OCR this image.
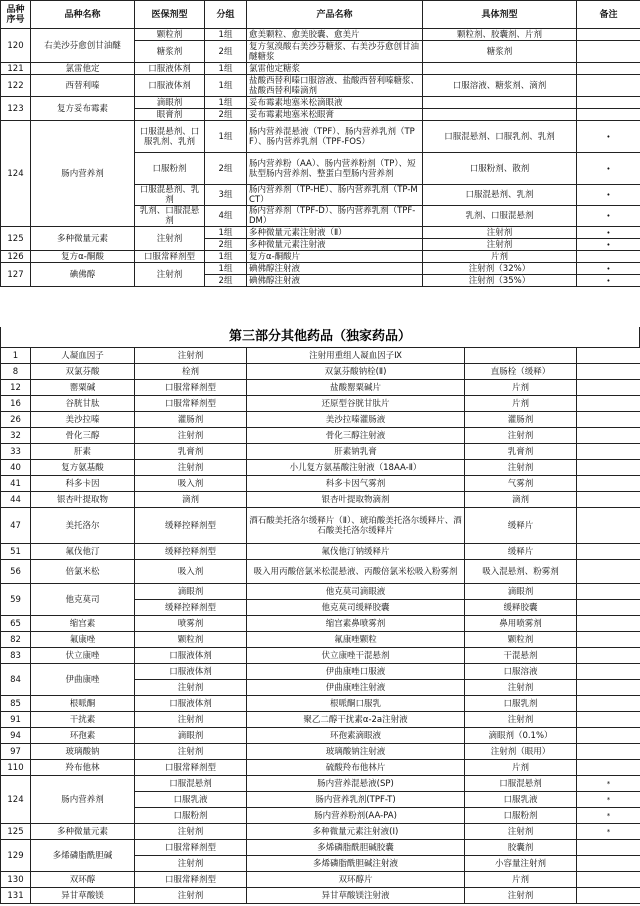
品种序号	品种名称	医保剂型	分组	产品名称	具体剂型	备注
120	右美沙芬愈创甘油醚	颗粒剂	1组	愈美颗粒、愈美胶囊、愈美片	颗粒剂、胶囊剂、片剂	
		糖浆剂	2组	复方氢溴酸右美沙芬糖浆、右美沙芬愈创甘油醚糖浆	糖浆剂	
121	氯雷他定	口服液体剂	1组	氯雷他定糖浆		
122	西替利嗪	口服液体剂	1组	盐酸西替利嗪口服溶液、盐酸西替利嗪糖浆、盐酸西替利嗪滴剂	口服溶液、糖浆剂、滴剂	
123	复方妥布霉素	滴眼剂	1组	妥布霉素地塞米松滴眼液		
		眼膏剂	2组	妥布霉素地塞米松眼膏		
124	肠内营养剂	口服混悬剂、口服乳剂、乳剂	1组	肠内营养混悬液（TPF）、肠内营养乳剂（TPF）、肠内营养乳剂（TPF-FOS）	口服混悬剂、口服乳剂、乳剂	•
		口服粉剂	2组	肠内营养粉（AA）、肠内营养粉剂（TP）、短肽型肠内营养剂、整蛋白型肠内营养剂	口服粉剂、散剂	•
		口服混悬剂、乳剂	3组	肠内营养剂（TP-HE）、肠内营养乳剂（TP-MCT）	口服混悬剂、乳剂	•
		乳剂、口服混悬剂	4组	肠内营养剂（TPF-D）、肠内营养乳剂（TPF-DM）	乳剂、口服混悬剂	•
125	多种微量元素	注射剂	1组	多种微量元素注射液（Ⅱ）	注射剂	•
			2组	多种微量元素注射液	注射剂	•
126	复方α-酮酸	口服常释剂型	1组	复方α-酮酸片	片剂	
127	碘佛醇	注射剂	1组	碘佛醇注射液	注射剂（32%）	•
			2组	碘佛醇注射液	注射剂（35%）	•
第三部分其他药品（独家药品）
1	人凝血因子	注射剂	注射用重组人凝血因子Ⅸ		
8	双氯芬酸	栓剂	双氯芬酸钠栓(Ⅱ)	直肠栓（缓释）	
12	罂粟碱	口服常释剂型	盐酸罂粟碱片	片剂	
16	谷胱甘肽	口服常释剂型	还原型谷胱甘肽片	片剂	
26	美沙拉嗪	灌肠剂	美沙拉嗪灌肠液	灌肠剂	
32	骨化三醇	注射剂	骨化三醇注射液	注射剂	
33	肝素	乳膏剂	肝素钠乳膏	乳膏剂	
40	复方氨基酸	注射剂	小儿复方氨基酸注射液（18AA-Ⅱ）	注射剂	
41	科多卡因	吸入剂	科多卡因气雾剂	气雾剂	
44	银杏叶提取物	滴剂	银杏叶提取物滴剂	滴剂	
47	美托洛尔	缓释控释剂型	酒石酸美托洛尔缓释片（Ⅱ）、琥珀酸美托洛尔缓释片、酒石酸美托洛尔缓释片	缓释片	
51	氟伐他汀	缓释控释剂型	氟伐他汀钠缓释片	缓释片	
56	倍氯米松	吸入剂	吸入用丙酸倍氯米松混悬液、丙酸倍氯米松吸入粉雾剂	吸入混悬剂、粉雾剂	
59	他克莫司	滴眼剂	他克莫司滴眼液	滴眼剂	
		缓释控释剂型	他克莫司缓释胶囊	缓释胶囊	
65	缩宫素	喷雾剂	缩宫素鼻喷雾剂	鼻用喷雾剂	
82	氟康唑	颗粒剂	氟康唑颗粒	颗粒剂	
83	伏立康唑	口服液体剂	伏立康唑干混悬剂	干混悬剂	
84	伊曲康唑	口服液体剂	伊曲康唑口服液	口服溶液	
		注射剂	伊曲康唑注射液	注射剂	
85	根哌酮	口服液体剂	根哌酮口服乳	口服乳剂	
91	干扰素	注射剂	聚乙二醇干扰素α-2a注射液	注射剂	
94	环孢素	滴眼剂	环孢素滴眼液	滴眼剂（0.1%）	
97	玻璃酸钠	注射剂	玻璃酸钠注射液	注射剂（眼用）	
110	羚布他林	口服常释剂型	硫酸羚布他林片	片剂	
124	肠内营养剂	口服混悬剂	肠内营养混悬液(SP)	口服混悬剂	*
		口服乳液	肠内营养乳剂(TPF-T)	口服乳液	*
		口服粉剂	肠内营养粉剂(AA-PA)	口服粉剂	*
125	多种微量元素	注射剂	多种微量元素注射液(Ⅰ)	注射剂	*
129	多烯磷脂酰胆碱	口服常释剂型	多烯磷脂酰胆碱胶囊	胶囊剂	
		注射剂	多烯磷脂酰胆碱注射液	小容量注射剂	
130	双环醇	口服常释剂型	双环醇片	片剂	
131	异甘草酸镁	注射剂	异甘草酸镁注射液	注射剂	
